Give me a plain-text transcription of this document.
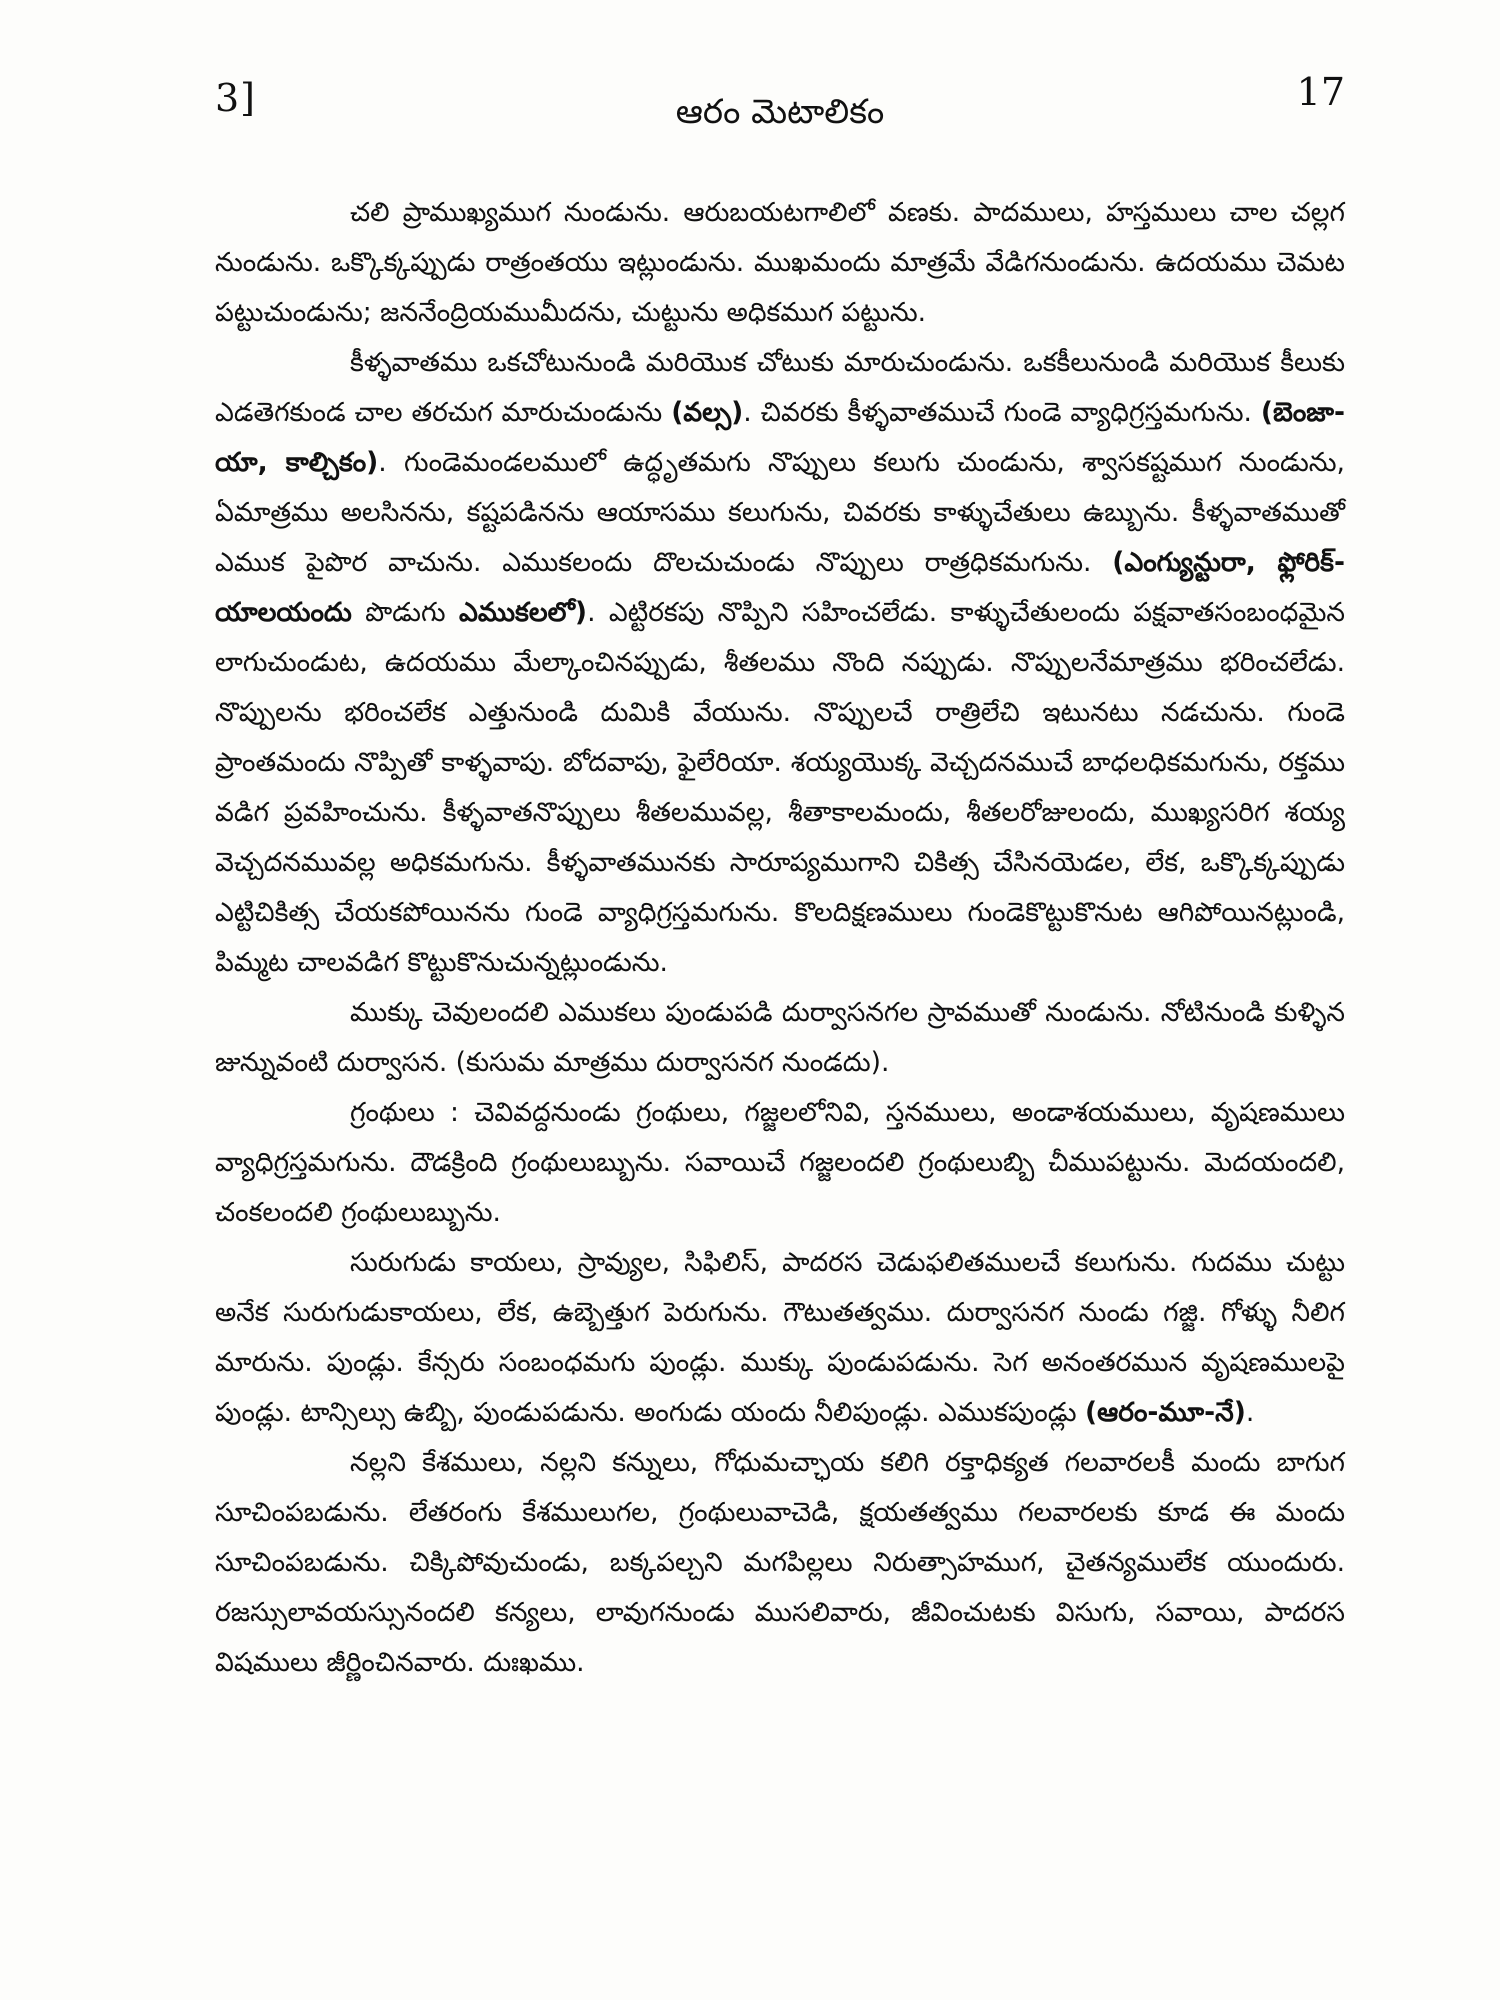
3]	ఆరం మెటాలికం	17

చలి ప్రాముఖ్యముగ నుండును. ఆరుబయటగాలిలో వణకు. పాదములు, హస్తములు చాల చల్లగ నుండును. ఒక్కొక్కప్పుడు రాత్రంతయు ఇట్లుండును. ముఖమందు మాత్రమే వేడిగనుండును. ఉదయము చెమట పట్టుచుండును; జననేంద్రియముమీదను, చుట్టును అధికముగ పట్టును.

కీళ్ళవాతము ఒకచోటునుండి మరియొక చోటుకు మారుచుండును. ఒకకీలునుండి మరియొక కీలుకు ఎడతెగకుండ చాల తరచుగ మారుచుండును (వల్స). చివరకు కీళ్ళవాతముచే గుండె వ్యాధిగ్రస్తమగును. (బెంజా-యా, కాల్చికం). గుండెమండలములో ఉద్ధృతమగు నొప్పులు కలుగు చుండును, శ్వాసకష్టముగ నుండును, ఏమాత్రము అలసినను, కష్టపడినను ఆయాసము కలుగును, చివరకు కాళ్ళుచేతులు ఉబ్బును. కీళ్ళవాతముతో ఎముక పైపొర వాచును. ఎముకలందు దొలచుచుండు నొప్పులు రాత్రధికమగును. (ఎంగ్యున్టురా, ఫ్లోరిక్-యాలయందు పొడుగు ఎముకలలో). ఎట్టిరకపు నొప్పిని సహించలేడు. కాళ్ళుచేతులందు పక్షవాతసంబంధమైన లాగుచుండుట, ఉదయము మేల్కాంచినప్పుడు, శీతలము నొంది నప్పుడు. నొప్పులనేమాత్రము భరించలేడు. నొప్పులను భరించలేక ఎత్తునుండి దుమికి వేయును. నొప్పులచే రాత్రిలేచి ఇటునటు నడచును. గుండె ప్రాంతమందు నొప్పితో కాళ్ళవాపు. బోదవాపు, ఫైలేరియా. శయ్యయొక్క వెచ్చదనముచే బాధలధికమగును, రక్తము వడిగ ప్రవహించును. కీళ్ళవాతనొప్పులు శీతలమువల్ల, శీతాకాలమందు, శీతలరోజులందు, ముఖ్యసరిగ శయ్య వెచ్చదనమువల్ల అధికమగును. కీళ్ళవాతమునకు సారూప్యముగాని చికిత్స చేసినయెడల, లేక, ఒక్కొక్కప్పుడు ఎట్టిచికిత్స చేయకపోయినను గుండె వ్యాధిగ్రస్తమగును. కొలదిక్షణములు గుండెకొట్టుకొనుట ఆగిపోయినట్లుండి, పిమ్మట చాలవడిగ కొట్టుకొనుచున్నట్లుండును.

ముక్కు చెవులందలి ఎముకలు పుండుపడి దుర్వాసనగల స్రావముతో నుండును. నోటినుండి కుళ్ళిన జున్నువంటి దుర్వాసన. (కుసుమ మాత్రము దుర్వాసనగ నుండదు).

గ్రంథులు : చెవివద్దనుండు గ్రంథులు, గజ్జలలోనివి, స్తనములు, అండాశయములు, వృషణములు వ్యాధిగ్రస్తమగును. దౌడక్రింది గ్రంథులుబ్బును. సవాయిచే గజ్జలందలి గ్రంథులుబ్బి చీముపట్టును. మెదయందలి, చంకలందలి గ్రంథులుబ్బును.

సురుగుడు కాయలు, స్రావ్యుల, సిఫిలిస్, పాదరస చెడుఫలితములచే కలుగును. గుదము చుట్టు అనేక సురుగుడుకాయలు, లేక, ఉబ్బెత్తుగ పెరుగును. గౌటుతత్వము. దుర్వాసనగ నుండు గజ్జి. గోళ్ళు నీలిగ మారును. పుండ్లు. కేన్సరు సంబంధమగు పుండ్లు. ముక్కు పుండుపడును. సెగ అనంతరమున వృషణములపై పుండ్లు. టాన్సిల్సు ఉబ్బి, పుండుపడును. అంగుడు యందు నీలిపుండ్లు. ఎముకపుండ్లు (ఆరం-మూ-నే).

నల్లని కేశములు, నల్లని కన్నులు, గోధుమచ్ఛాయ కలిగి రక్తాధిక్యత గలవారలకీ మందు బాగుగ సూచింపబడును. లేతరంగు కేశములుగల, గ్రంథులువాచెడి, క్షయతత్వము గలవారలకు కూడ ఈ మందు సూచింపబడును. చిక్కిపోవుచుండు, బక్కపల్చని మగపిల్లలు నిరుత్సాహముగ, చైతన్యములేక యుందురు. రజస్సులావయస్సునందలి కన్యలు, లావుగనుండు ముసలివారు, జీవించుటకు విసుగు, సవాయి, పాదరస విషములు జీర్ణించినవారు. దుఃఖము.
